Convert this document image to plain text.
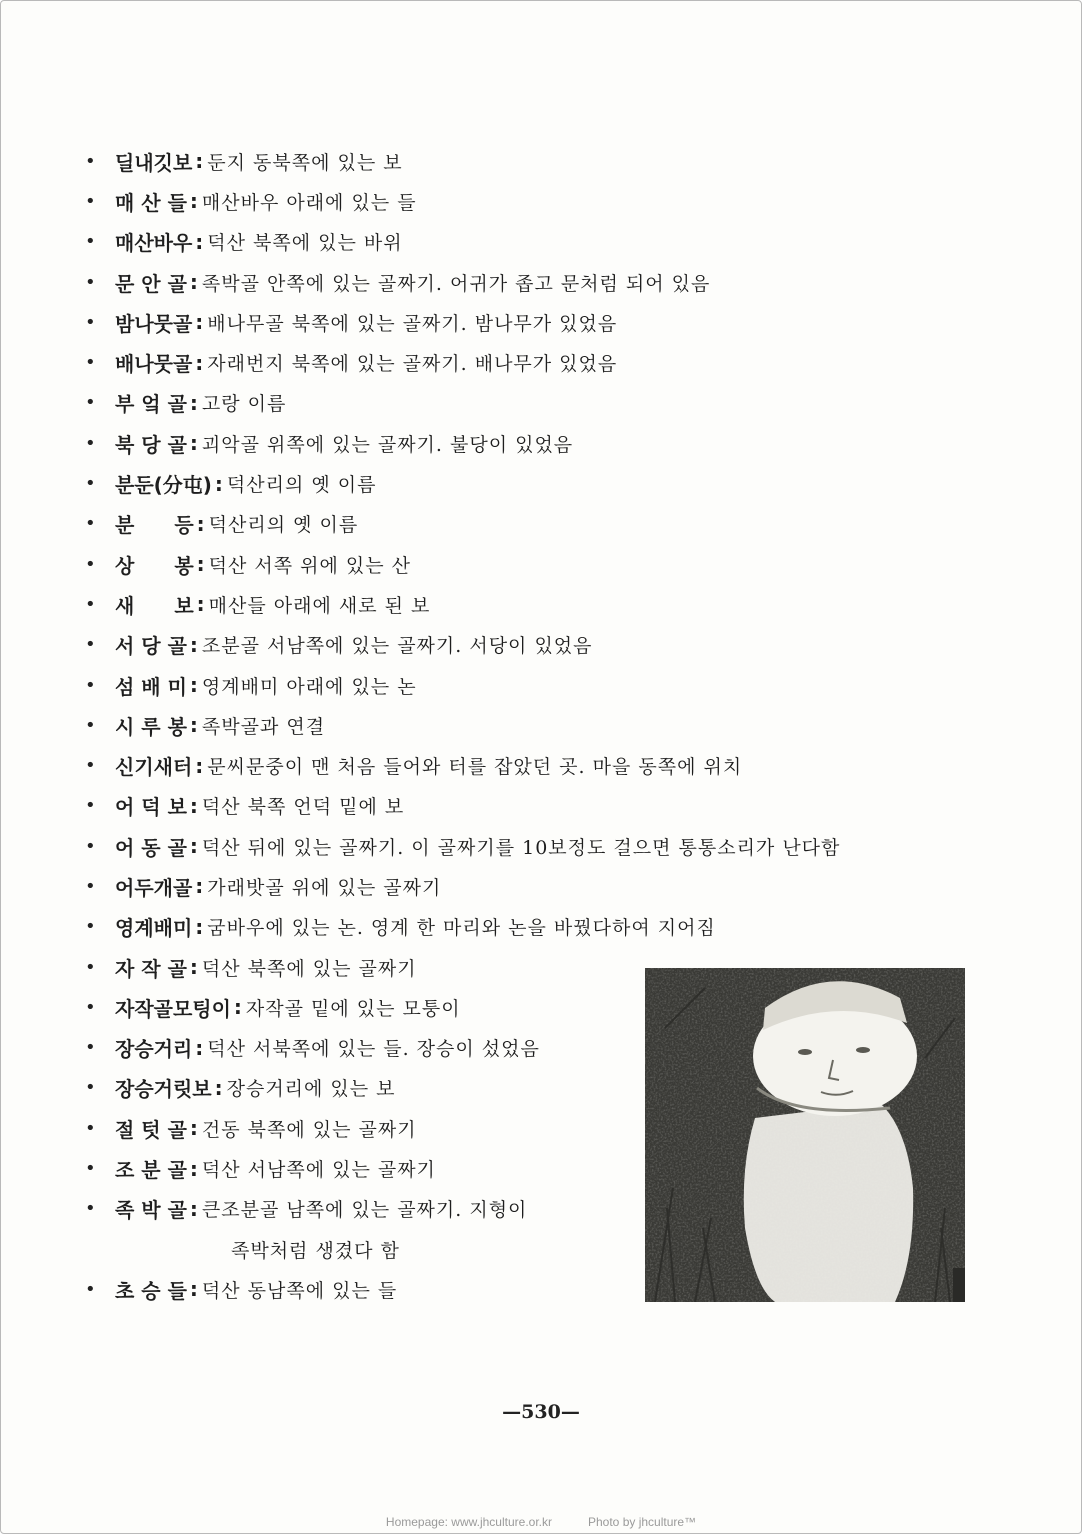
• 딜내깃보 : 둔지 동북쪽에 있는 보
• 매 산 들 : 매산바우 아래에 있는 들
• 매산바우 : 덕산 북쪽에 있는 바위
• 문 안 골 : 족박골 안쪽에 있는 골짜기. 어귀가 좁고 문처럼 되어 있음
• 밤나뭇골 : 배나무골 북쪽에 있는 골짜기. 밤나무가 있었음
• 배나뭇골 : 자래번지 북쪽에 있는 골짜기. 배나무가 있었음
• 부 엌 골 : 고랑 이름
• 북 당 골 : 괴악골 위쪽에 있는 골짜기. 불당이 있었음
• 분둔(分屯) : 덕산리의 옛 이름
• 분　　등 : 덕산리의 옛 이름
• 상　　봉 : 덕산 서쪽 위에 있는 산
• 새　　보 : 매산들 아래에 새로 된 보
• 서 당 골 : 조분골 서남쪽에 있는 골짜기. 서당이 있었음
• 섬 배 미 : 영계배미 아래에 있는 논
• 시 루 봉 : 족박골과 연결
• 신기새터 : 문씨문중이 맨 처음 들어와 터를 잡았던 곳. 마을 동쪽에 위치
• 어 덕 보 : 덕산 북쪽 언덕 밑에 보
• 어 동 골 : 덕산 뒤에 있는 골짜기. 이 골짜기를 10보정도 걸으면 통통소리가 난다함
• 어두개골 : 가래밧골 위에 있는 골짜기
• 영계배미 : 굼바우에 있는 논. 영계 한 마리와 논을 바꿨다하여 지어짐
• 자 작 골 : 덕산 북쪽에 있는 골짜기
• 자작골모팅이 : 자작골 밑에 있는 모퉁이
• 장승거리 : 덕산 서북쪽에 있는 들. 장승이 섰었음
• 장승거릿보 : 장승거리에 있는 보
• 절 텃 골 : 건동 북쪽에 있는 골짜기
• 조 분 골 : 덕산 서남쪽에 있는 골짜기
• 족 박 골 : 큰조분골 남쪽에 있는 골짜기. 지형이
족박처럼 생겼다 함
• 초 승 들 : 덕산 동남쪽에 있는 들
—530—
Homepage: www.jhculture.or.kr	Photo by jhculture™
